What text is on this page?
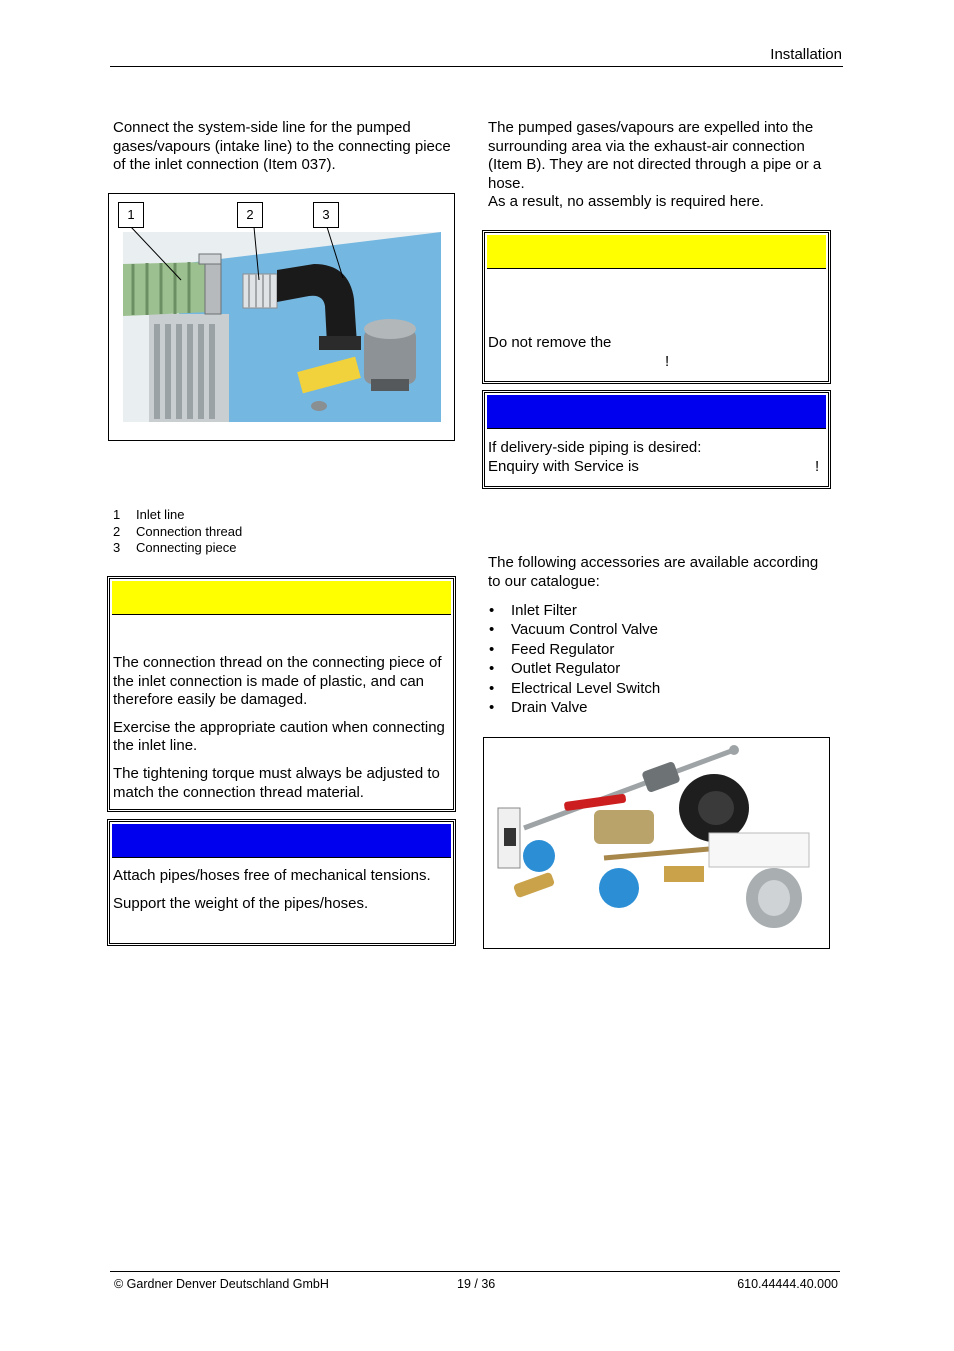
Installation
Connect the system-side line for the pumped gases/vapours (intake line) to the connecting piece of the inlet connection (Item 037).
1	2	3
1 Inlet line
2 Connection thread
3 Connecting piece

The connection thread on the connecting piece of the inlet connection is made of plastic, and can therefore easily be damaged.

Exercise the appropriate caution when connecting the inlet line.

The tightening torque must always be adjusted to match the connection thread material.

Attach pipes/hoses free of mechanical tensions.

Support the weight of the pipes/hoses.

The pumped gases/vapours are expelled into the surrounding area via the exhaust-air connection (Item B). They are not directed through a pipe or a hose.

As a result, no assembly is required here.

Do not remove the
!
If delivery-side piping is desired:
Enquiry with Service is	!
The following accessories are available according to our catalogue:
• Inlet Filter
• Vacuum Control Valve
• Feed Regulator
• Outlet Regulator
• Electrical Level Switch
• Drain Valve
© Gardner Denver Deutschland GmbH	19 / 36	610.44444.40.000
